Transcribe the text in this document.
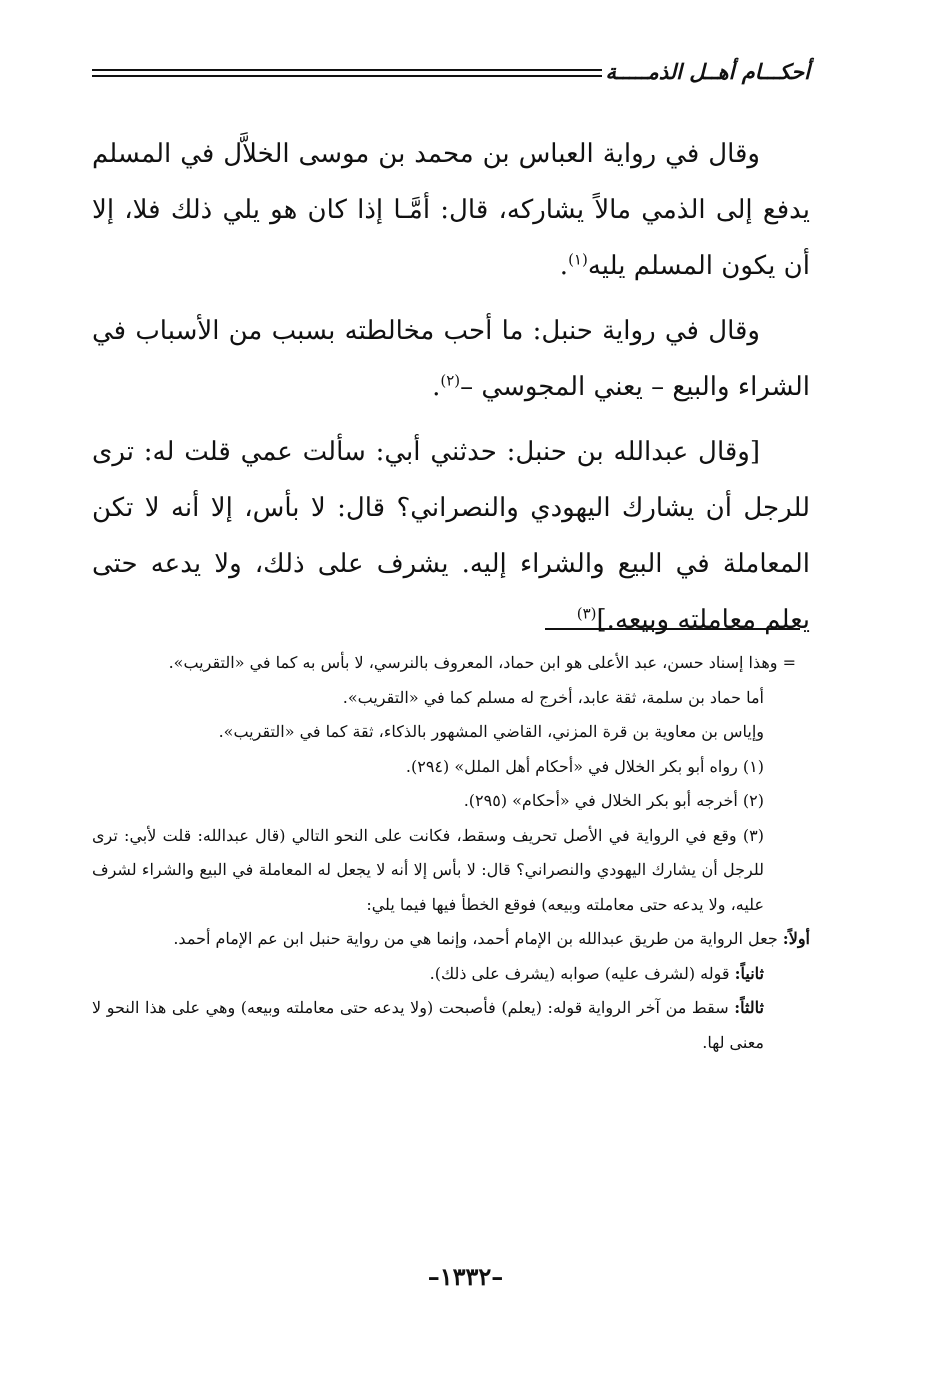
أحكـــام أهــل الذمـــــة

وقال في رواية العباس بن محمد بن موسى الخلاَّل في المسلم يدفع إلى الذمي مالاً يشاركه، قال: أمَّـا إذا كان هو يلي ذلك فلا، إلا أن يكون المسلم يليه$^{(١)}$.

وقال في رواية حنبل: ما أحب مخالطته بسبب من الأسباب في الشراء والبيع – يعني المجوسي –$^{(٢)}$.

[وقال عبدالله بن حنبل: حدثني أبي: سألت عمي قلت له: ترى للرجل أن يشارك اليهودي والنصراني؟ قال: لا بأس، إلا أنه لا تكن المعاملة في البيع والشراء إليه. يشرف على ذلك، ولا يدعه حتى يعلم معاملته وبيعه.]$^{(٣)}$

= وهذا إسناد حسن، عبد الأعلى هو ابن حماد، المعروف بالنرسي، لا بأس به كما في «التقريب».

أما حماد بن سلمة، ثقة عابد، أخرج له مسلم كما في «التقريب».

وإياس بن معاوية بن قرة المزني، القاضي المشهور بالذكاء، ثقة كما في «التقريب».

(١) رواه أبو بكر الخلال في «أحكام أهل الملل» (٢٩٤).

(٢) أخرجه أبو بكر الخلال في «أحكام» (٢٩٥).

(٣) وقع في الرواية في الأصل تحريف وسقط، فكانت على النحو التالي (قال عبدالله: قلت لأبي: ترى للرجل أن يشارك اليهودي والنصراني؟ قال: لا بأس إلا أنه لا يجعل له المعاملة في البيع والشراء لشرف عليه، ولا يدعه حتى معاملته وبيعه) فوقع الخطأ فيها فيما يلي:

أولاً: جعل الرواية من طريق عبدالله بن الإمام أحمد، وإنما هي من رواية حنبل ابن عم الإمام أحمد.

ثانياً: قوله (لشرف عليه) صوابه (يشرف على ذلك).

ثالثاً: سقط من آخر الرواية قوله: (يعلم) فأصبحت (ولا يدعه حتى معاملته وبيعه) وهي على هذا النحو لا معنى لها.

–١٣٣٢–
